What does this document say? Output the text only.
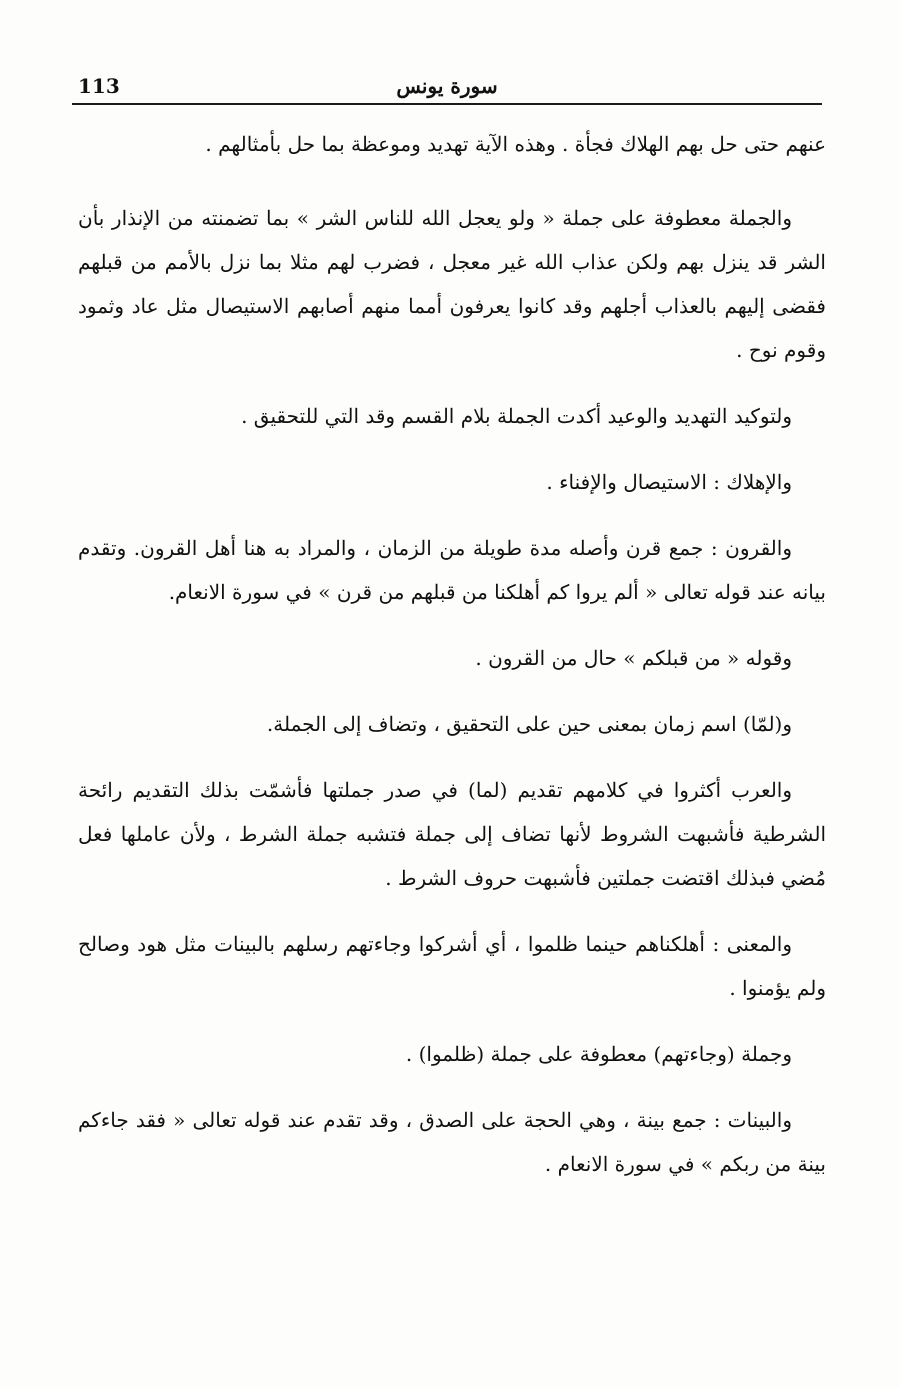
113	سورة يونس

عنهم حتى حل بهم الهلاك فجأة . وهذه الآية تهديد وموعظة بما حل بأمثالهم .

والجملة معطوفة على جملة « ولو يعجل الله للناس الشر » بما تضمنته من الإنذار بأن الشر قد ينزل بهم ولكن عذاب الله غير معجل ، فضرب لهم مثلا بما نزل بالأمم من قبلهم فقضى إليهم بالعذاب أجلهم وقد كانوا يعرفون أمما منهم أصابهم الاستيصال مثل عاد وثمود وقوم نوح .

ولتوكيد التهديد والوعيد أكدت الجملة بلام القسم وقد التي للتحقيق .

والإهلاك : الاستيصال والإفناء .

والقرون : جمع قرن وأصله مدة طويلة من الزمان ، والمراد به هنا أهل القرون. وتقدم بيانه عند قوله تعالى « ألم يروا كم أهلكنا من قبلهم من قرن » في سورة الانعام.

وقوله « من قبلكم » حال من القرون .

و(لمّا) اسم زمان بمعنى حين على التحقيق ، وتضاف إلى الجملة.

والعرب أكثروا في كلامهم تقديم (لما) في صدر جملتها فأشمّت بذلك التقديم رائحة الشرطية فأشبهت الشروط لأنها تضاف إلى جملة فتشبه جملة الشرط ، ولأن عاملها فعل مُضي فبذلك اقتضت جملتين فأشبهت حروف الشرط .

والمعنى : أهلكناهم حينما ظلموا ، أي أشركوا وجاءتهم رسلهم بالبينات مثل هود وصالح ولم يؤمنوا .

وجملة (وجاءتهم) معطوفة على جملة (ظلموا) .

والبينات : جمع بينة ، وهي الحجة على الصدق ، وقد تقدم عند قوله تعالى « فقد جاءكم بينة من ربكم » في سورة الانعام .
